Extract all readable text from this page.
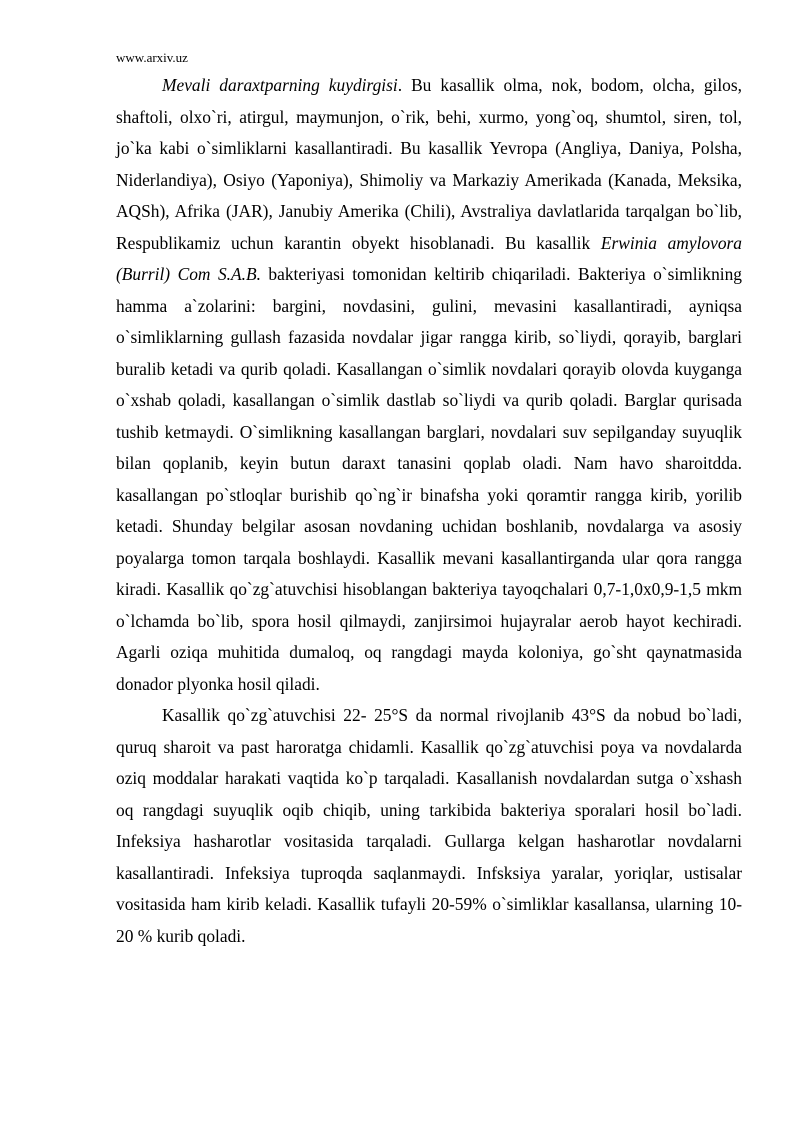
www.arxiv.uz

Mevali daraxtparning kuydirgisi. Bu kasallik olma, nok, bodom, olcha, gilos, shaftoli, olxo`ri, atirgul, maymunjon, o`rik, behi, xurmo, yong`oq, shumtol, siren, tol, jo`ka kabi o`simliklarni kasallantiradi. Bu kasallik Yevropa (Angliya, Daniya, Polsha, Niderlandiya), Osiyo (Yaponiya), Shimoliy va Markaziy Amerikada (Kanada, Meksika, AQSh), Afrika (JAR), Janubiy Amerika (Chili), Avstraliya davlatlarida tarqalgan bo`lib, Respublikamiz uchun karantin obyekt hisoblanadi. Bu kasallik Erwinia amylovora (Burril) Com S.A.B. bakteriyasi tomonidan keltirib chiqariladi. Bakteriya o`simlikning hamma a`zolarini: bargini, novdasini, gulini, mevasini kasallantiradi, ayniqsa o`simliklarning gullash fazasida novdalar jigar rangga kirib, so`liydi, qorayib, barglari buralib ketadi va qurib qoladi. Kasallangan o`simlik novdalari qorayib olovda kuyganga o`xshab qoladi, kasallangan o`simlik dastlab so`liydi va qurib qoladi. Barglar qurisada tushib ketmaydi. O`simlikning kasallangan barglari, novdalari suv sepilganday suyuqlik bilan qoplanib, keyin butun daraxt tanasini qoplab oladi. Nam havo sharoitdda. kasallangan po`stloqlar burishib qo`ng`ir binafsha yoki qoramtir rangga kirib, yorilib ketadi. Shunday belgilar asosan novdaning uchidan boshlanib, novdalarga va asosiy poyalarga tomon tarqala boshlaydi. Kasallik mevani kasallantirganda ular qora rangga kiradi. Kasallik qo`zg`atuvchisi hisoblangan bakteriya tayoqchalari 0,7-1,0x0,9-1,5 mkm o`lchamda bo`lib, spora hosil qilmaydi, zanjirsimoi hujayralar aerob hayot kechiradi. Agarli oziqa muhitida dumaloq, oq rangdagi mayda koloniya, go`sht qaynatmasida donador plyonka hosil qiladi.

Kasallik qo`zg`atuvchisi 22- 25°S da normal rivojlanib 43°S da nobud bo`ladi, quruq sharoit va past haroratga chidamli. Kasallik qo`zg`atuvchisi poya va novdalarda oziq moddalar harakati vaqtida ko`p tarqaladi. Kasallanish novdalardan sutga o`xshash oq rangdagi suyuqlik oqib chiqib, uning tarkibida bakteriya sporalari hosil bo`ladi. Infeksiya hasharotlar vositasida tarqaladi. Gullarga kelgan hasharotlar novdalarni kasallantiradi. Infeksiya tuproqda saqlanmaydi. Infsksiya yaralar, yoriqlar, ustisalar vositasida ham kirib keladi. Kasallik tufayli 20-59% o`simliklar kasallansa, ularning 10- 20 % kurib qoladi.
